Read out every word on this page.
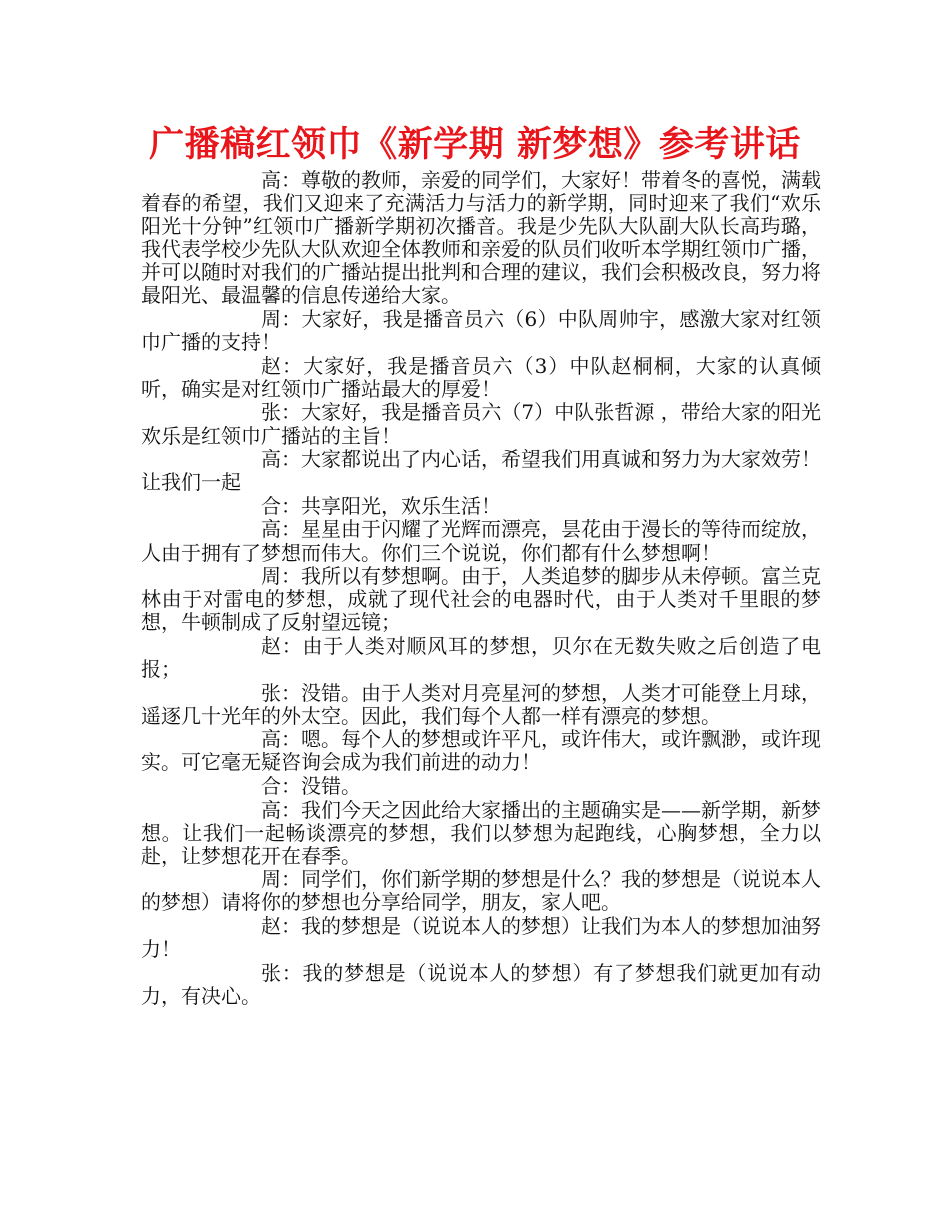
广播稿红领巾《新学期 新梦想》参考讲话

高：尊敬的教师，亲爱的同学们，大家好！带着冬的喜悦，满载着春的希望，我们又迎来了充满活力与活力的新学期，同时迎来了我们“欢乐阳光十分钟”红领巾广播新学期初次播音。我是少先队大队副大队长高玙璐，我代表学校少先队大队欢迎全体教师和亲爱的队员们收听本学期红领巾广播，并可以随时对我们的广播站提出批判和合理的建议，我们会积极改良，努力将最阳光、最温馨的信息传递给大家。

周：大家好，我是播音员六（6）中队周帅宇，感激大家对红领巾广播的支持！

赵：大家好，我是播音员六（3）中队赵桐桐，大家的认真倾听，确实是对红领巾广播站最大的厚爱！

张：大家好，我是播音员六（7）中队张哲源 ，带给大家的阳光欢乐是红领巾广播站的主旨！

高：大家都说出了内心话，希望我们用真诚和努力为大家效劳！让我们一起

合：共享阳光，欢乐生活！

高：星星由于闪耀了光辉而漂亮，昙花由于漫长的等待而绽放，人由于拥有了梦想而伟大。你们三个说说，你们都有什么梦想啊！

周：我所以有梦想啊。由于，人类追梦的脚步从未停顿。富兰克林由于对雷电的梦想，成就了现代社会的电器时代，由于人类对千里眼的梦想，牛顿制成了反射望远镜；

赵：由于人类对顺风耳的梦想，贝尔在无数失败之后创造了电报；

张：没错。由于人类对月亮星河的梦想，人类才可能登上月球，遥逐几十光年的外太空。因此，我们每个人都一样有漂亮的梦想。

高：嗯。每个人的梦想或许平凡，或许伟大，或许飘渺，或许现实。可它毫无疑咨询会成为我们前进的动力！

合：没错。

高：我们今天之因此给大家播出的主题确实是——新学期，新梦想。让我们一起畅谈漂亮的梦想，我们以梦想为起跑线，心胸梦想，全力以赴，让梦想花开在春季。

周：同学们，你们新学期的梦想是什么？我的梦想是（说说本人的梦想）请将你的梦想也分享给同学，朋友，家人吧。

赵：我的梦想是（说说本人的梦想）让我们为本人的梦想加油努力！

张：我的梦想是（说说本人的梦想）有了梦想我们就更加有动力，有决心。
